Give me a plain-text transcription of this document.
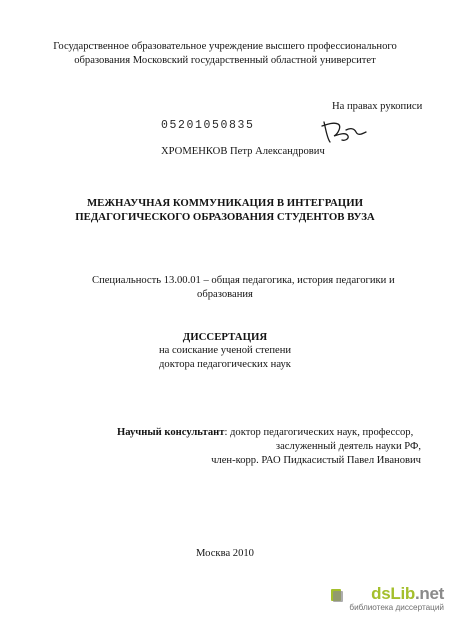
Государственное образовательное учреждение высшего профессионального
образования Московский государственный областной университет
На правах рукописи
05201050835
ХРОМЕНКОВ Петр Александрович
МЕЖНАУЧНАЯ КОММУНИКАЦИЯ В ИНТЕГРАЦИИ
ПЕДАГОГИЧЕСКОГО ОБРАЗОВАНИЯ СТУДЕНТОВ ВУЗА
Специальность 13.00.01 – общая педагогика, история педагогики и
образования
ДИССЕРТАЦИЯ
на соискание ученой степени
доктора педагогических наук
Научный консультант: доктор педагогических наук, профессор,
заслуженный деятель науки РФ,
член-корр. РАО Пидкасистый Павел Иванович
Москва 2010
dsLib.net
библиотека диссертаций
